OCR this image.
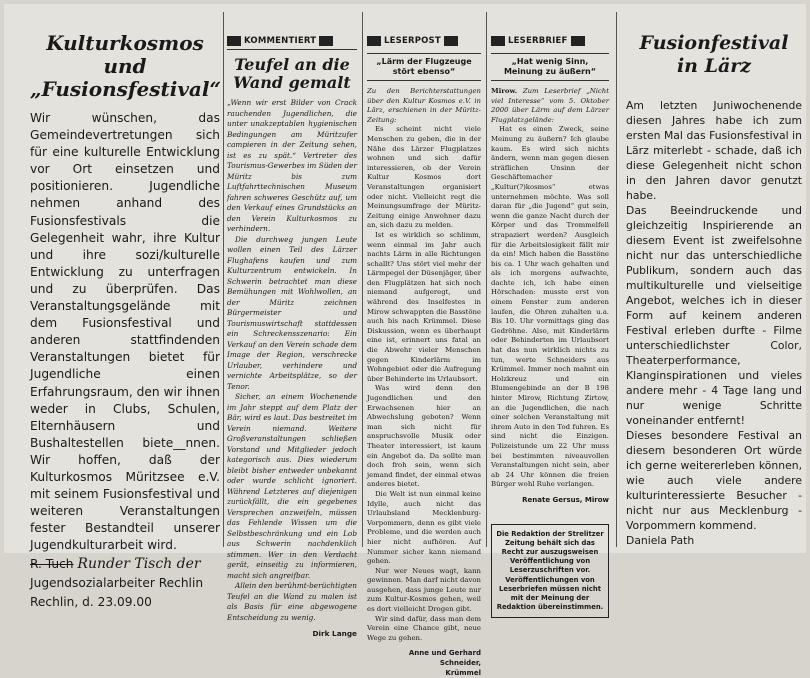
Kulturkosmos und
„Fusionsfestival“

Wir wünschen, das Gemeindevertretungen sich für eine kulturelle Entwicklung vor Ort einsetzen und positionieren. Jugendliche nehmen anhand des Fusionsfestivals die Gelegenheit wahr, ihre Kultur und ihre sozi/kulturelle Entwicklung zu unterfragen und zu überprüfen. Das Veranstaltungsgelände mit dem Fusionsfestival und anderen stattfindenden Veranstaltungen bietet für Jugendliche einen Erfahrungsraum, den wir ihnen weder in Clubs, Schulen, Elternhäusern und Bushaltestellen biete__nnen. Wir hoffen, daß der Kulturkosmos Müritzsee e.V. mit seinem Fusionsfestival und weiteren Veranstaltungen fester Bestandteil unserer Jugendkulturarbeit wird.

R. Tuch Runder Tisch der
Jugendsozialarbeiter Rechlin
Rechlin, d. 23.09.00
KOMMENTIERT
Teufel an die
Wand gemalt
„Wenn wir erst Bilder von Crack rauchenden Jugendlichen, die unter unakzeptablen hygienischen Bedingungen am Müritzufer campieren in der Zeitung sehen, ist es zu spät.“ Vertreter des Tourismus-Gewerbes im Süden der Müritz bis zum Luftfahrttechnischen Museum fahren schweres Geschütz auf, um den Verkauf eines Grundstücks an den Verein Kulturkosmos zu verhindern.

Die durchweg jungen Leute wollen einen Teil des Lärzer Flughafens kaufen und zum Kulturzentrum entwickeln. In Schwerin betrachtet man diese Bemühungen mit Wohlwollen, an der Müritz zeichnen Bürgermeister und Tourismuswirtschaft stattdessen ein Schreckensszenario: Ein Verkauf an den Verein schade dem Image der Region, verschrecke Urlauber, verhindere und vernichte Arbeitsplätze, so der Tenor.

Sicher, an einem Wochenende im Jahr steppt auf dem Platz der Bär, wird es laut. Das bestreitet im Verein niemand. Weitere Großveranstaltungen schließen Vorstand und Mitglieder jedoch kategorisch aus. Dies wiederum bleibt bisher entweder unbekannt oder wurde schlicht ignoriert. Während Letzteres auf diejenigen zurückfällt, die ein gegebenes Versprechen anzweifeln, müssen das Fehlende Wissen um die Selbstbeschränkung und ein Lob aus Schwerin nachdenklich stimmen. Wer in den Verdacht gerät, einseitig zu informieren, macht sich angreifbar.

Allein den berühmt-berüchtigten Teufel an die Wand zu malen ist als Basis für eine abgewogene Entscheidung zu wenig.

Dirk Lange
LESERPOST
„Lärm der Flugzeuge stört ebenso“
Zu den Berichterstattungen über den Kultur Kosmos e.V. in Lärz, erschienen in der Müritz-Zeitung:

Es scheint nicht viele Menschen zu geben, die in der Nähe des Lärzer Flugplatzes wohnen und sich dafür interessieren, ob der Verein Kultur Kosmos dort Veranstaltungen organisiert oder nicht. Vielleicht regt die Meinungsumfrage der Müritz-Zeitung einige Anwohner dazu an, sich dazu zu melden.

Ist es wirklich so schlimm, wenn einmal im Jahr auch nachts Lärm in alle Richtungen schallt? Uns stört viel mehr der Lärmpegel der Düsenjäger, über den Flugplätzen hat sich noch niemand aufgeregt, und während des Inselfestes in Mirow schwappten die Basstöne auch bis nach Krümmel. Diese Diskussion, wenn es überhaupt eine ist, erinnert uns fatal an die Abwehr vieler Menschen gegen Kinderlärm im Wohngebiet oder die Aufregung über Behinderte im Urlaubsort.

Was wird denn den Jugendlichen und den Erwachsenen hier an Abwechslung geboten? Wenn man sich nicht für anspruchsvolle Musik oder Theater interessiert, ist kaum ein Angebot da. Da sollte man doch froh sein, wenn sich jemand findet, der einmal etwas anderes bietet.

Die Welt ist nun einmal keine Idylle, auch nicht das Urlaubsland Mecklenburg-Vorpommern, denn es gibt viele Probleme, und die werden auch hier nicht aufhören. Auf Nummer sicher kann niemand gehen.

Nur wer Neues wagt, kann gewinnen. Man darf nicht davon ausgehen, dass junge Leute nur zum Kultur-Kosmos gehen, weil es dort vielleicht Drogen gibt.

Wir sind dafür, dass man dem Verein eine Chance gibt, neue Wege zu gehen.

Anne und Gerhard Schneider,
Krümmel
LESERBRIEF
„Hat wenig Sinn, Meinung zu äußern“
Mirow. Zum Leserbrief „Nicht viel Interesse“ vom 5. Oktober 2000 über Lärm auf dem Lärzer Flugplatzgelände:

Hat es einen Zweck, seine Meinung zu äußern? Ich glaube kaum. Es wird sich nichts ändern, wenn man gegen diesen sträflichen Unsinn der Geschäftemacher „Kultur(?)kosmos“ etwas unternehmen möchte. Was soll daran für „die Jugend“ gut sein, wenn die ganze Nacht durch der Körper und das Trommelfell strapaziert werden? Ausgleich für die Arbeitslosigkeit fällt mir da ein! Mich haben die Basstöne bis ca. 1 Uhr wach gehalten und als ich morgens aufwachte, dachte ich, ich habe einen Hörschaden: musste erst von einem Fenster zum anderen laufen, die Ohren zuhalten u.a. Bis 10. Uhr vormittags ging das Gedröhne. Also, mit Kinderlärm oder Behinderten im Urlaubsort hat das nun wirklich nichts zu tun, werte Schneiders aus Krümmel. Immer noch mahnt ein Holzkreuz und ein Blumengebinde an der B 198 hinter Mirow, Richtung Zirtow, an die Jugendlichen, die nach einer solchen Veranstaltung mit ihrem Auto in den Tod fuhren. Es sind nicht die Einzigen. Polizeistunde um 22 Uhr muss bei bestimmten niveauvollen Veranstaltungen nicht sein, aber ab 24 Uhr können die freien Bürger wohl Ruhe verlangen.

Renate Gersus, Mirow
Die Redaktion der Strelitzer Zeitung behält sich das Recht zur auszugsweisen Veröffentlichung von Leserzuschriften vor. Veröffentlichungen von Leserbriefen müssen nicht mit der Meinung der Redaktion übereinstimmen.
Fusionfestival
in Lärz

Am letzten Juniwochenende diesen Jahres habe ich zum ersten Mal das Fusionsfestival in Lärz miterlebt - schade, daß ich diese Gelegenheit nicht schon in den Jahren davor genutzt habe.

Das Beeindruckende und gleichzeitig Inspirierende an diesem Event ist zweifelsohne nicht nur das unterschiedliche Publikum, sondern auch das multikulturelle und vielseitige Angebot, welches ich in dieser Form auf keinem anderen Festival erleben durfte - Filme unterschiedlichster Color, Theaterperformance, Klanginspirationen und vieles andere mehr - 4 Tage lang und nur wenige Schritte voneinander entfernt!

Dieses besondere Festival an diesem besonderen Ort würde ich gerne weitererleben können, wie auch viele andere kulturinteressierte Besucher - nicht nur aus Mecklenburg - Vorpommern kommend.

Daniela Path
